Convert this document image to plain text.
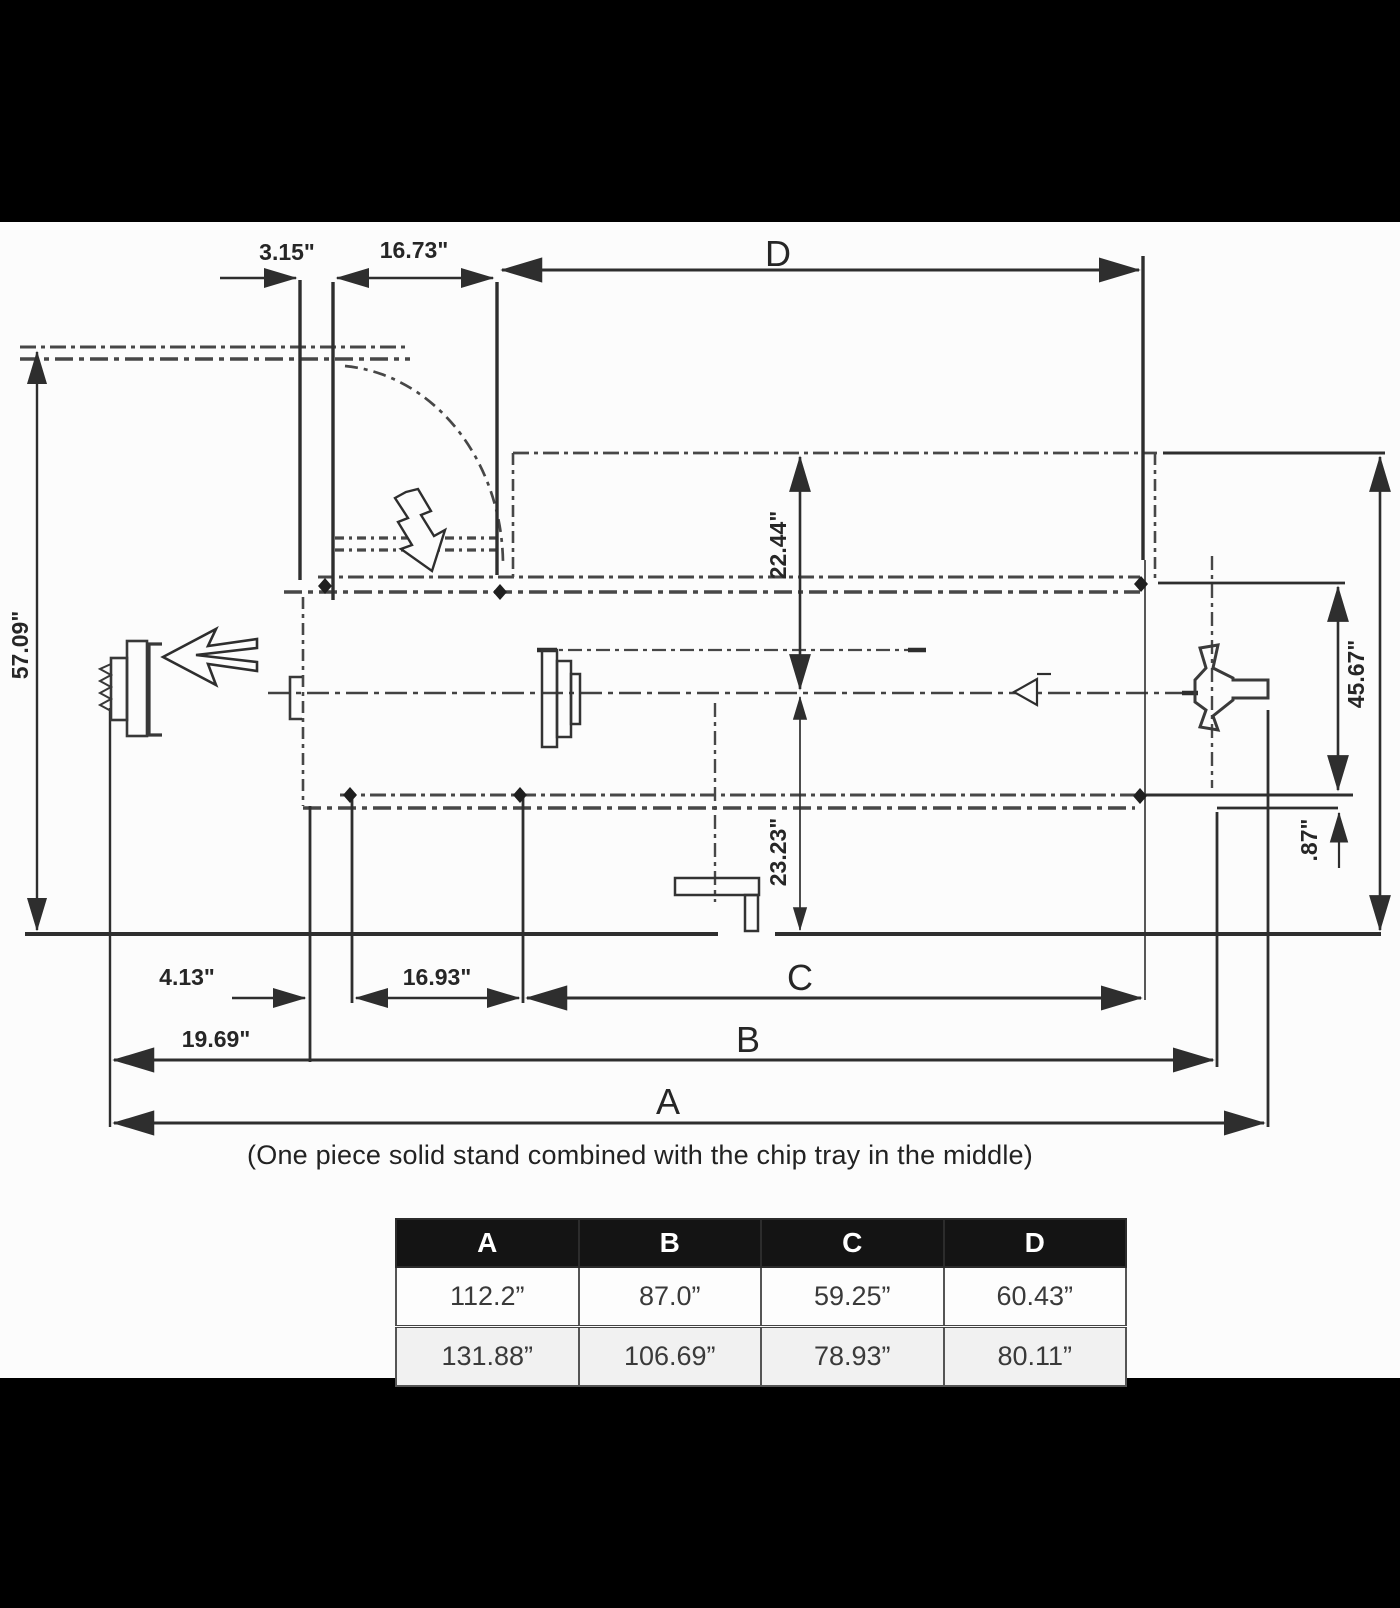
3.15"	16.73"	D
57.09"
22.44"
23.23"
45.67"
.87"
4.13"	16.93"	C
19.69"	B
A
(One piece solid stand combined with the chip tray in the middle)
A	B	C	D
112.2”	87.0”	59.25”	60.43”
131.88”	106.69”	78.93”	80.11”
